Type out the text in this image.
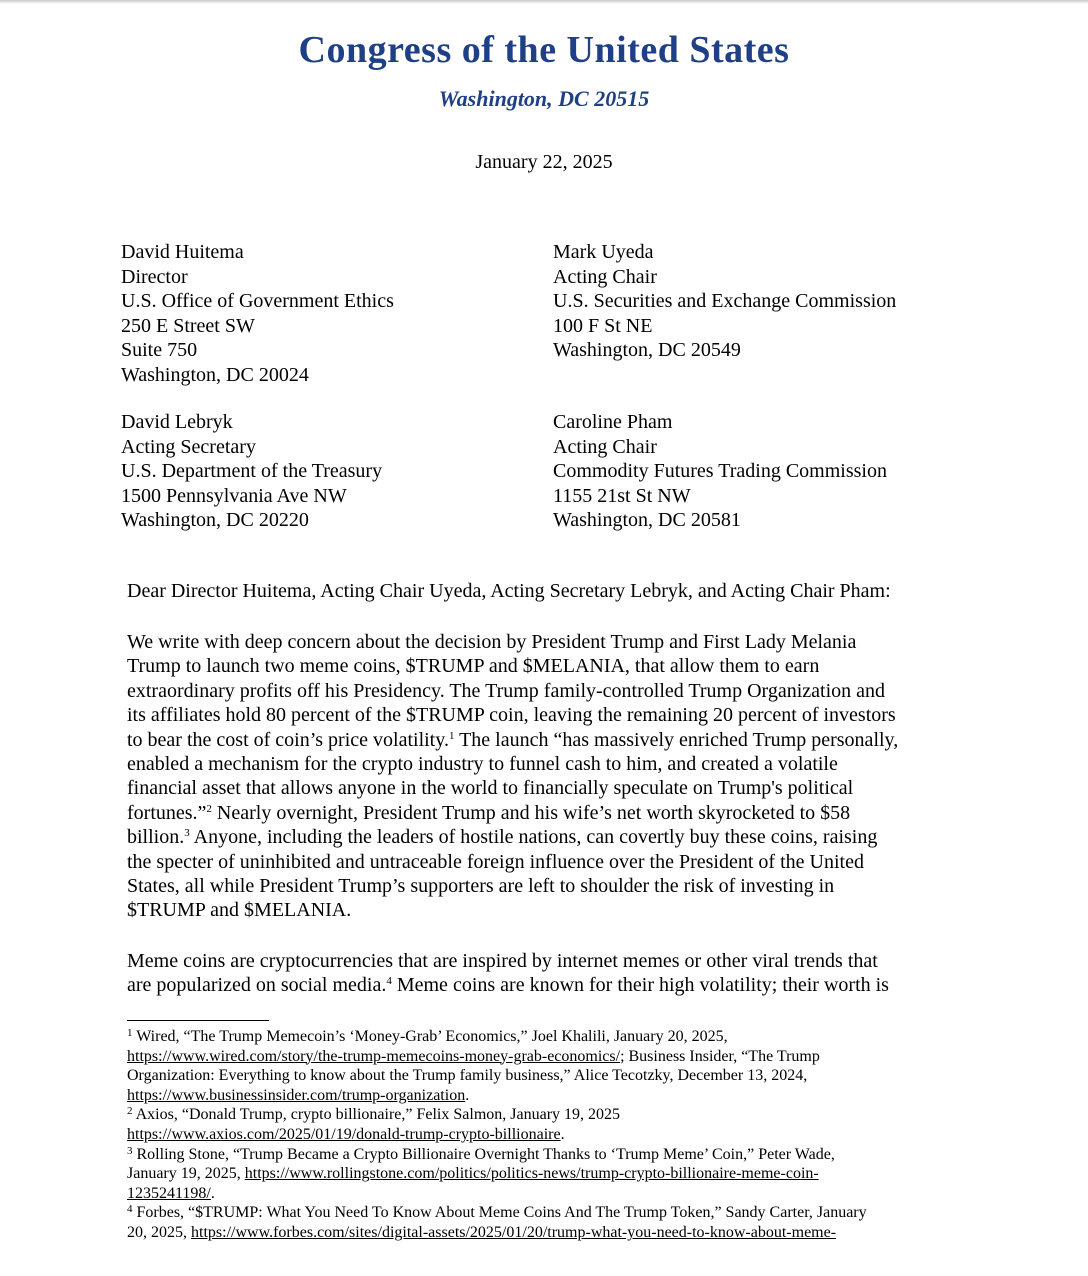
Congress of the United States
Washington, DC 20515
January 22, 2025
David Huitema
Director
U.S. Office of Government Ethics
250 E Street SW
Suite 750
Washington, DC 20024
Mark Uyeda
Acting Chair
U.S. Securities and Exchange Commission
100 F St NE
Washington, DC 20549
David Lebryk
Acting Secretary
U.S. Department of the Treasury
1500 Pennsylvania Ave NW
Washington, DC 20220
Caroline Pham
Acting Chair
Commodity Futures Trading Commission
1155 21st St NW
Washington, DC 20581
Dear Director Huitema, Acting Chair Uyeda, Acting Secretary Lebryk, and Acting Chair Pham:
We write with deep concern about the decision by President Trump and First Lady Melania
Trump to launch two meme coins, $TRUMP and $MELANIA, that allow them to earn
extraordinary profits off his Presidency. The Trump family-controlled Trump Organization and
its affiliates hold 80 percent of the $TRUMP coin, leaving the remaining 20 percent of investors
to bear the cost of coin’s price volatility.$^1$ The launch “has massively enriched Trump personally,
enabled a mechanism for the crypto industry to funnel cash to him, and created a volatile
financial asset that allows anyone in the world to financially speculate on Trump's political
fortunes.”$^2$ Nearly overnight, President Trump and his wife’s net worth skyrocketed to $58
billion.$^3$ Anyone, including the leaders of hostile nations, can covertly buy these coins, raising
the specter of uninhibited and untraceable foreign influence over the President of the United
States, all while President Trump’s supporters are left to shoulder the risk of investing in
$TRUMP and $MELANIA.
Meme coins are cryptocurrencies that are inspired by internet memes or other viral trends that
are popularized on social media.$^4$ Meme coins are known for their high volatility; their worth is
$^1$ Wired, “The Trump Memecoin’s ‘Money-Grab’ Economics,” Joel Khalili, January 20, 2025,
https://www.wired.com/story/the-trump-memecoins-money-grab-economics/; Business Insider, “The Trump
Organization: Everything to know about the Trump family business,” Alice Tecotzky, December 13, 2024,
https://www.businessinsider.com/trump-organization.
$^2$ Axios, “Donald Trump, crypto billionaire,” Felix Salmon, January 19, 2025
https://www.axios.com/2025/01/19/donald-trump-crypto-billionaire.
$^3$ Rolling Stone, “Trump Became a Crypto Billionaire Overnight Thanks to ‘Trump Meme’ Coin,” Peter Wade,
January 19, 2025, https://www.rollingstone.com/politics/politics-news/trump-crypto-billionaire-meme-coin-
1235241198/.
$^4$ Forbes, “$TRUMP: What You Need To Know About Meme Coins And The Trump Token,” Sandy Carter, January
20, 2025, https://www.forbes.com/sites/digital-assets/2025/01/20/trump-what-you-need-to-know-about-meme-
